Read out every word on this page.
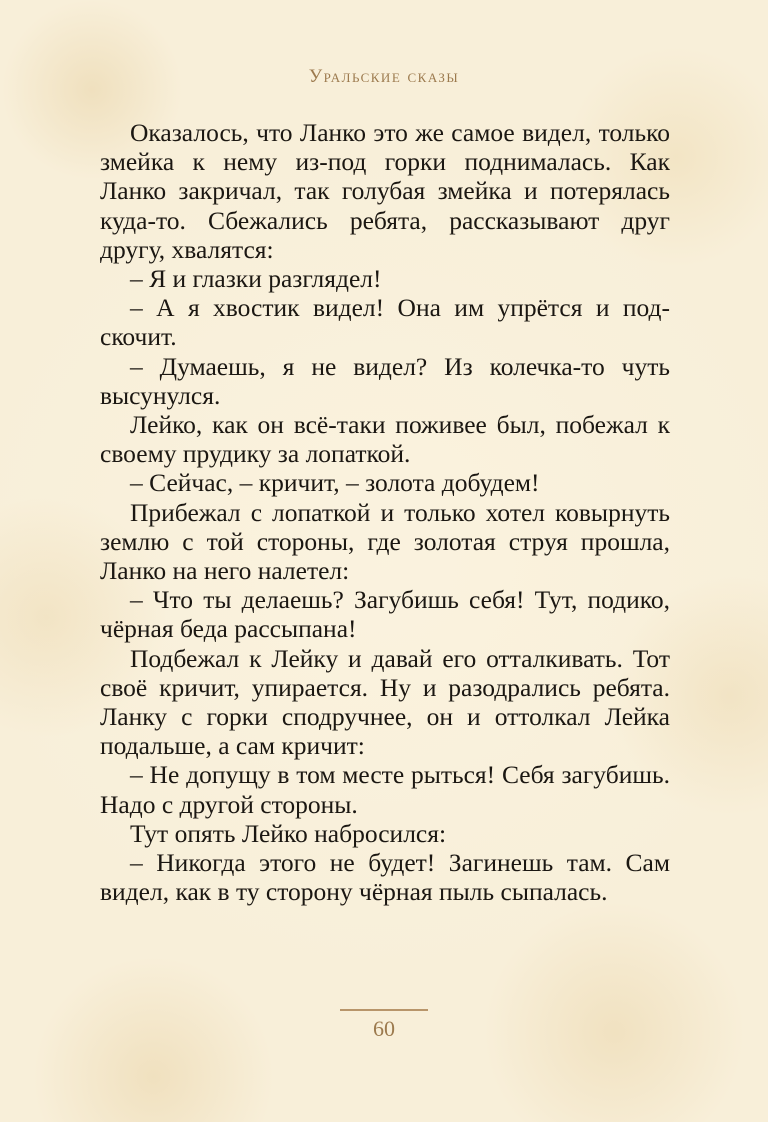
Уральские сказы

Оказалось, что Ланко это же самое видел, только змейка к нему из-под горки поднималась. Как Ланко закричал, так голубая змейка и потерялась куда-то. Сбежались ребята, рассказывают друг другу, хвалятся:

– Я и глазки разглядел!

– А я хвостик видел! Она им упрётся и подскочит.

– Думаешь, я не видел? Из колечка-то чуть высунулся.

Лейко, как он всё-таки поживее был, побежал к своему прудику за лопаткой.

– Сейчас, – кричит, – золота добудем!

Прибежал с лопаткой и только хотел ковырнуть землю с той стороны, где золотая струя прошла, Ланко на него налетел:

– Что ты делаешь? Загубишь себя! Тут, подико, чёрная беда рассыпана!

Подбежал к Лейку и давай его отталкивать. Тот своё кричит, упирается. Ну и разодрались ребята. Ланку с горки сподручнее, он и оттолкал Лейка подальше, а сам кричит:

– Не допущу в том месте рыться! Себя загубишь. Надо с другой стороны.

Тут опять Лейко набросился:

– Никогда этого не будет! Загинешь там. Сам видел, как в ту сторону чёрная пыль сыпалась.

60
